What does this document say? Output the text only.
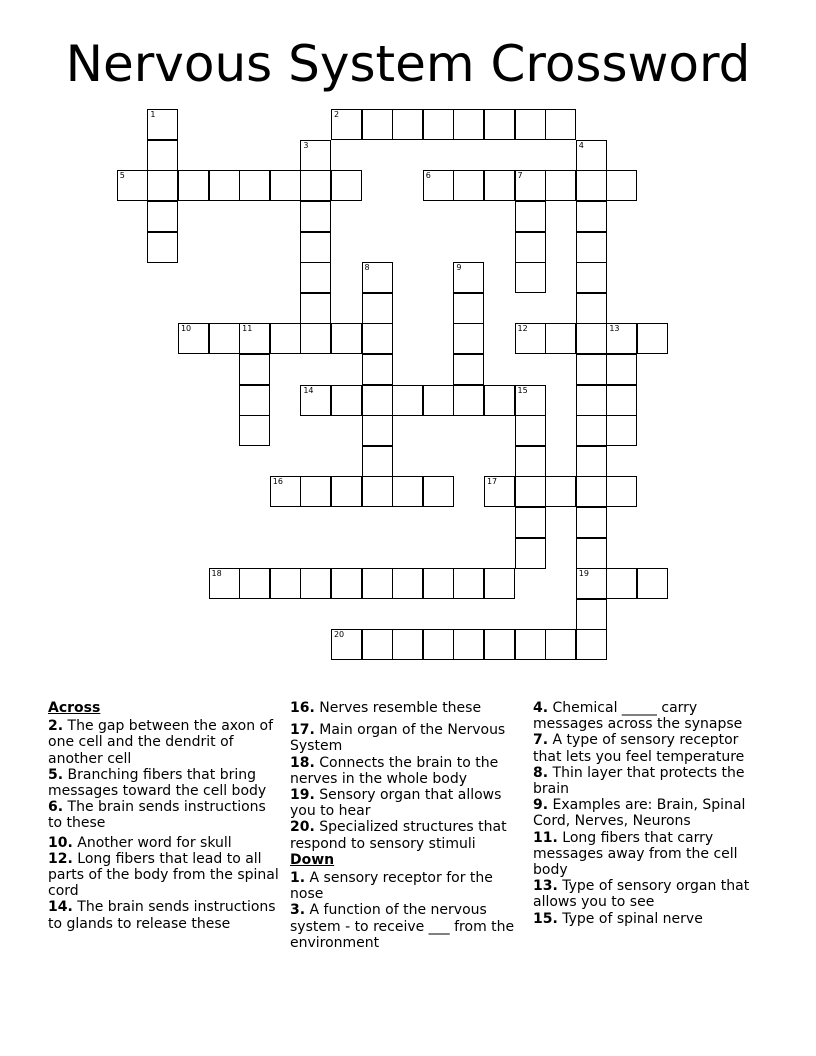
Nervous System Crossword
1	2
3	4
5	6	7
8	9
10	11	12	13
14	15
16	17
18	19
20
Across
2. The gap between the axon of one cell and the dendrit of another cell
5. Branching fibers that bring messages toward the cell body
6. The brain sends instructions to these
10. Another word for skull
12. Long fibers that lead to all parts of the body from the spinal cord
14. The brain sends instructions to glands to release these
16. Nerves resemble these
17. Main organ of the Nervous System
18. Connects the brain to the nerves in the whole body
19. Sensory organ that allows you to hear
20. Specialized structures that respond to sensory stimuli
Down
1. A sensory receptor for the nose
3. A function of the nervous system - to receive ___ from the environment
4. Chemical _____ carry messages across the synapse
7. A type of sensory receptor that lets you feel temperature
8. Thin layer that protects the brain
9. Examples are: Brain, Spinal Cord, Nerves, Neurons
11. Long fibers that carry messages away from the cell body
13. Type of sensory organ that allows you to see
15. Type of spinal nerve
